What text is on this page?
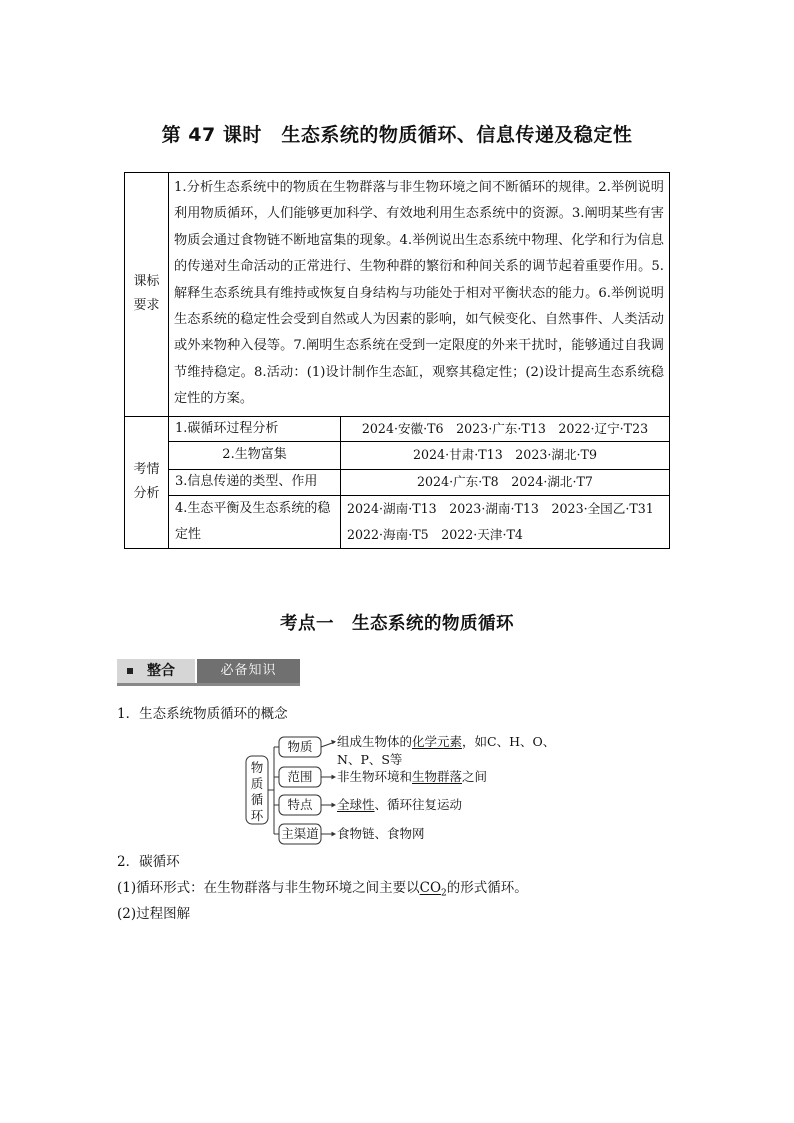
第 47 课时　生态系统的物质循环、信息传递及稳定性
课标
要求	1.分析生态系统中的物质在生物群落与非生物环境之间不断循环的规律。2.举例说明利用物质循环，人们能够更加科学、有效地利用生态系统中的资源。3.阐明某些有害物质会通过食物链不断地富集的现象。4.举例说出生态系统中物理、化学和行为信息的传递对生命活动的正常进行、生物种群的繁衍和种间关系的调节起着重要作用。5.解释生态系统具有维持或恢复自身结构与功能处于相对平衡状态的能力。6.举例说明生态系统的稳定性会受到自然或人为因素的影响，如气候变化、自然事件、人类活动或外来物种入侵等。7.阐明生态系统在受到一定限度的外来干扰时，能够通过自我调节维持稳定。8.活动：(1)设计制作生态缸，观察其稳定性；(2)设计提高生态系统稳定性的方案。	
考情
分析	1.碳循环过程分析	2024·安徽·T6　2023·广东·T13　2022·辽宁·T23
	2.生物富集	2024·甘肃·T13　2023·湖北·T9
	3.信息传递的类型、作用	2024·广东·T8　2024·湖北·T7
	4.生态平衡及生态系统的稳定性	2024·湖南·T13　2023·湖南·T13　2023·全国乙·T31
2022·海南·T5　2022·天津·T4
考点一　生态系统的物质循环
整合	必备知识
1．生态系统物质循环的概念
物
质
循
环
物质
范围
特点
主渠道
组成生物体的化学元素，如C、H、O、
N、P、S等
非生物环境和生物群落之间
全球性、循环往复运动
食物链、食物网
2．碳循环
(1)循环形式：在生物群落与非生物环境之间主要以$CO_2$的形式循环。
(2)过程图解
